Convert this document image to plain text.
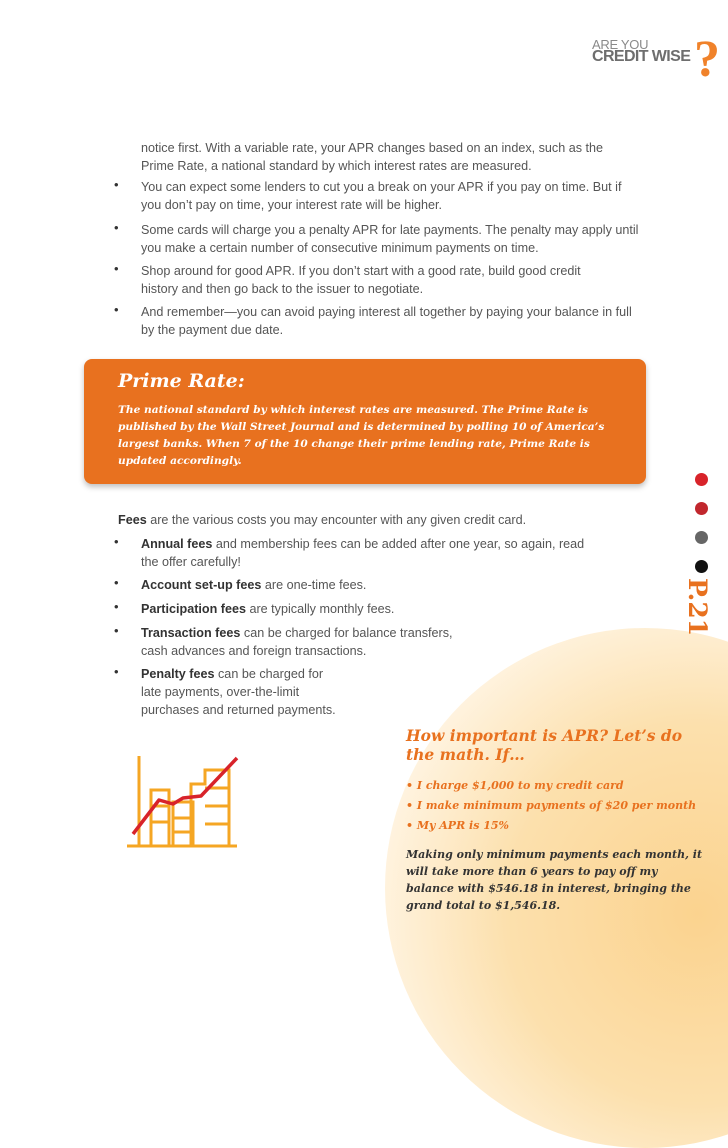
ARE YOU
CREDIT WISE ?

notice first. With a variable rate, your APR changes based on an index, such as the Prime Rate, a national standard by which interest rates are measured.

• You can expect some lenders to cut you a break on your APR if you pay on time. But if you don’t pay on time, your interest rate will be higher.

• Some cards will charge you a penalty APR for late payments. The penalty may apply until you make a certain number of consecutive minimum payments on time.

• Shop around for good APR. If you don’t start with a good rate, build good credit history and then go back to the issuer to negotiate.

• And remember—you can avoid paying interest all together by paying your balance in full by the payment due date.

Prime Rate:

The national standard by which interest rates are measured. The Prime Rate is published by the Wall Street Journal and is determined by polling 10 of America’s largest banks. When 7 of the 10 change their prime lending rate, Prime Rate is updated accordingly.

P.21

Fees are the various costs you may encounter with any given credit card.

• Annual fees and membership fees can be added after one year, so again, read the offer carefully!

• Account set-up fees are one-time fees.

• Participation fees are typically monthly fees.

• Transaction fees can be charged for balance transfers, cash advances and foreign transactions.

• Penalty fees can be charged for late payments, over-the-limit purchases and returned payments.

How important is APR? Let’s do the math. If…
• I charge $1,000 to my credit card
• I make minimum payments of $20 per month
• My APR is 15%
Making only minimum payments each month, it will take more than 6 years to pay off my balance with $546.18 in interest, bringing the grand total to $1,546.18.
